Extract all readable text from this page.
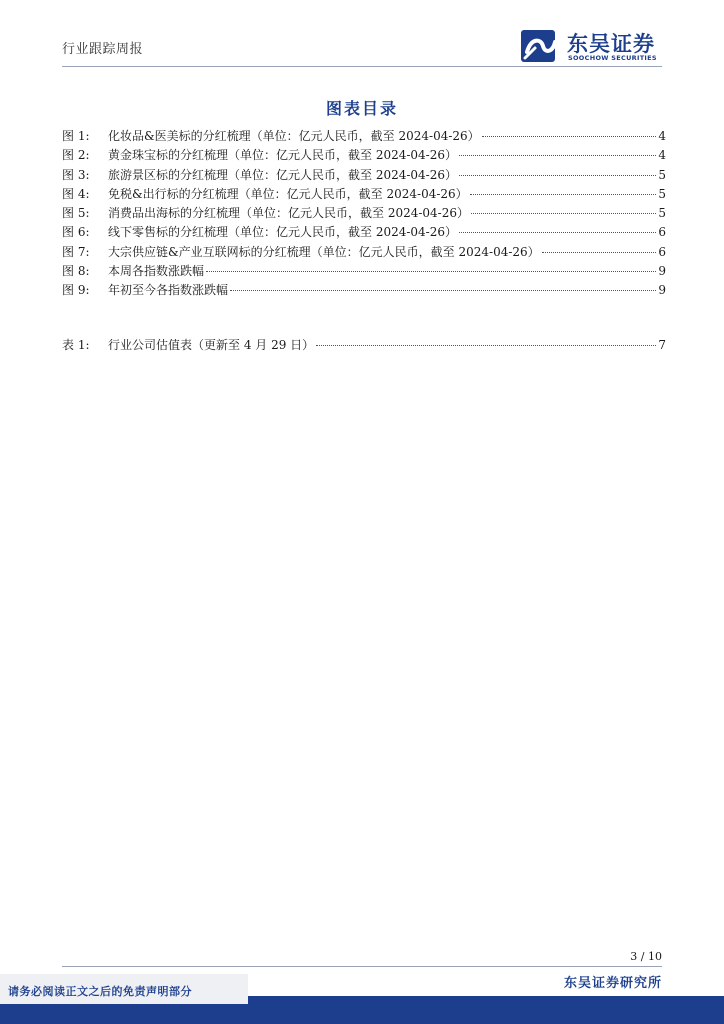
行业跟踪周报	东吴证券
SOOCHOW SECURITIES
图表目录
图 1:	化妆品&医美标的分红梳理（单位：亿元人民币，截至 2024-04-26）	4
图 2:	黄金珠宝标的分红梳理（单位：亿元人民币，截至 2024-04-26）	4
图 3:	旅游景区标的分红梳理（单位：亿元人民币，截至 2024-04-26）	5
图 4:	免税&出行标的分红梳理（单位：亿元人民币，截至 2024-04-26）	5
图 5:	消费品出海标的分红梳理（单位：亿元人民币，截至 2024-04-26）	5
图 6:	线下零售标的分红梳理（单位：亿元人民币，截至 2024-04-26）	6
图 7:	大宗供应链&产业互联网标的分红梳理（单位：亿元人民币，截至 2024-04-26）	6
图 8:	本周各指数涨跌幅	9
图 9:	年初至今各指数涨跌幅	9
表 1:	行业公司估值表（更新至 4 月 29 日）	7
3 / 10
东吴证券研究所
请务必阅读正文之后的免责声明部分
